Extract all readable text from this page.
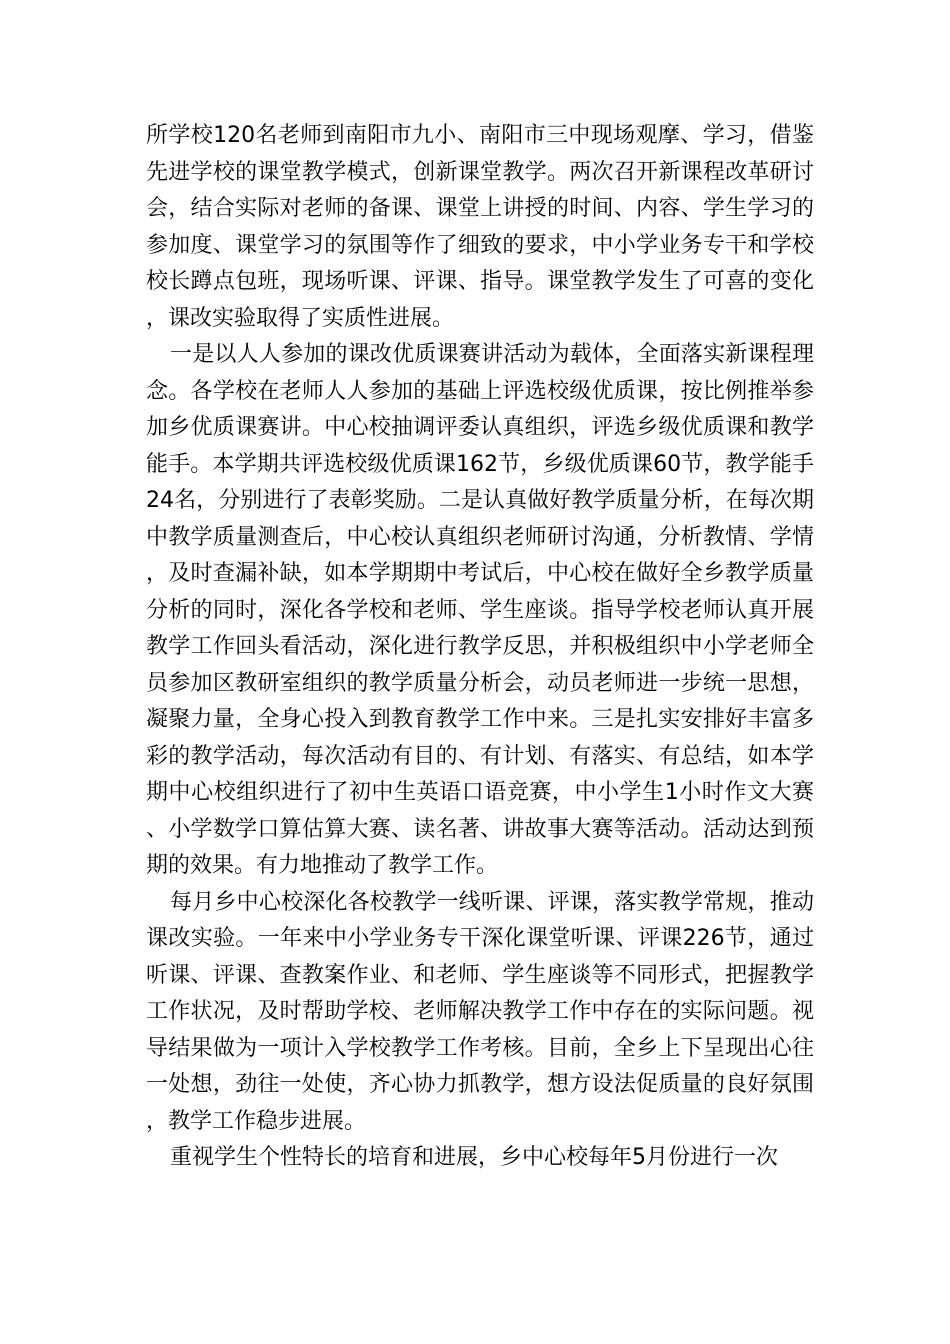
所学校120名老师到南阳市九小、南阳市三中现场观摩、学习，借鉴先进学校的课堂教学模式，创新课堂教学。两次召开新课程改革研讨会，结合实际对老师的备课、课堂上讲授的时间、内容、学生学习的参加度、课堂学习的氛围等作了细致的要求，中小学业务专干和学校校长蹲点包班，现场听课、评课、指导。课堂教学发生了可喜的变化，课改实验取得了实质性进展。

一是以人人参加的课改优质课赛讲活动为载体，全面落实新课程理念。各学校在老师人人参加的基础上评选校级优质课，按比例推举参加乡优质课赛讲。中心校抽调评委认真组织，评选乡级优质课和教学能手。本学期共评选校级优质课162节，乡级优质课60节，教学能手24名，分别进行了表彰奖励。二是认真做好教学质量分析，在每次期中教学质量测查后，中心校认真组织老师研讨沟通，分析教情、学情，及时查漏补缺，如本学期期中考试后，中心校在做好全乡教学质量分析的同时，深化各学校和老师、学生座谈。指导学校老师认真开展教学工作回头看活动，深化进行教学反思，并积极组织中小学老师全员参加区教研室组织的教学质量分析会，动员老师进一步统一思想，凝聚力量，全身心投入到教育教学工作中来。三是扎实安排好丰富多彩的教学活动，每次活动有目的、有计划、有落实、有总结，如本学期中心校组织进行了初中生英语口语竞赛，中小学生1小时作文大赛、小学数学口算估算大赛、读名著、讲故事大赛等活动。活动达到预期的效果。有力地推动了教学工作。

每月乡中心校深化各校教学一线听课、评课，落实教学常规，推动课改实验。一年来中小学业务专干深化课堂听课、评课226节，通过听课、评课、查教案作业、和老师、学生座谈等不同形式，把握教学工作状况，及时帮助学校、老师解决教学工作中存在的实际问题。视导结果做为一项计入学校教学工作考核。目前，全乡上下呈现出心往一处想，劲往一处使，齐心协力抓教学，想方设法促质量的良好氛围，教学工作稳步进展。

重视学生个性特长的培育和进展，乡中心校每年5月份进行一次
